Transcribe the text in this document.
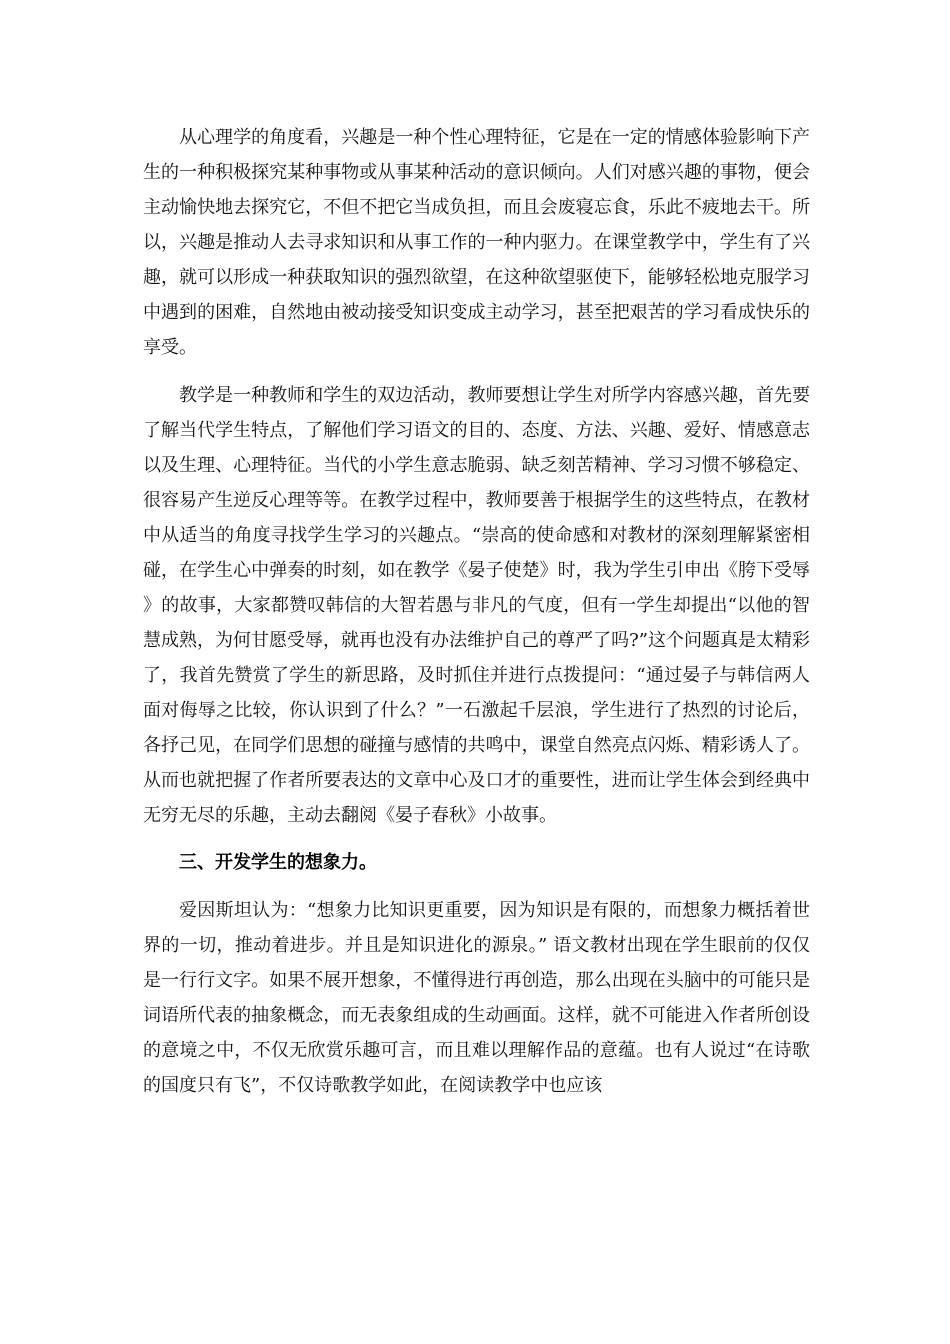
从心理学的角度看，兴趣是一种个性心理特征，它是在一定的情感体验影响下产生的一种积极探究某种事物或从事某种活动的意识倾向。人们对感兴趣的事物，便会主动愉快地去探究它，不但不把它当成负担，而且会废寝忘食，乐此不疲地去干。所以，兴趣是推动人去寻求知识和从事工作的一种内驱力。在课堂教学中，学生有了兴趣，就可以形成一种获取知识的强烈欲望，在这种欲望驱使下，能够轻松地克服学习中遇到的困难，自然地由被动接受知识变成主动学习，甚至把艰苦的学习看成快乐的享受。

教学是一种教师和学生的双边活动，教师要想让学生对所学内容感兴趣，首先要了解当代学生特点，了解他们学习语文的目的、态度、方法、兴趣、爱好、情感意志以及生理、心理特征。当代的小学生意志脆弱、缺乏刻苦精神、学习习惯不够稳定、很容易产生逆反心理等等。在教学过程中，教师要善于根据学生的这些特点，在教材中从适当的角度寻找学生学习的兴趣点。“崇高的使命感和对教材的深刻理解紧密相碰，在学生心中弹奏的时刻，如在教学《晏子使楚》时，我为学生引申出《胯下受辱》的故事，大家都赞叹韩信的大智若愚与非凡的气度，但有一学生却提出“以他的智慧成熟，为何甘愿受辱，就再也没有办法维护自己的尊严了吗?”这个问题真是太精彩了，我首先赞赏了学生的新思路，及时抓住并进行点拨提问：“通过晏子与韩信两人面对侮辱之比较，你认识到了什么？”一石激起千层浪，学生进行了热烈的讨论后，各抒己见，在同学们思想的碰撞与感情的共鸣中，课堂自然亮点闪烁、精彩诱人了。从而也就把握了作者所要表达的文章中心及口才的重要性，进而让学生体会到经典中无穷无尽的乐趣，主动去翻阅《晏子春秋》小故事。

三、开发学生的想象力。

爱因斯坦认为：“想象力比知识更重要，因为知识是有限的，而想象力概括着世界的一切，推动着进步。并且是知识进化的源泉。” 语文教材出现在学生眼前的仅仅是一行行文字。如果不展开想象，不懂得进行再创造，那么出现在头脑中的可能只是词语所代表的抽象概念，而无表象组成的生动画面。这样，就不可能进入作者所创设的意境之中，不仅无欣赏乐趣可言，而且难以理解作品的意蕴。也有人说过“在诗歌的国度只有飞”，不仅诗歌教学如此，在阅读教学中也应该
